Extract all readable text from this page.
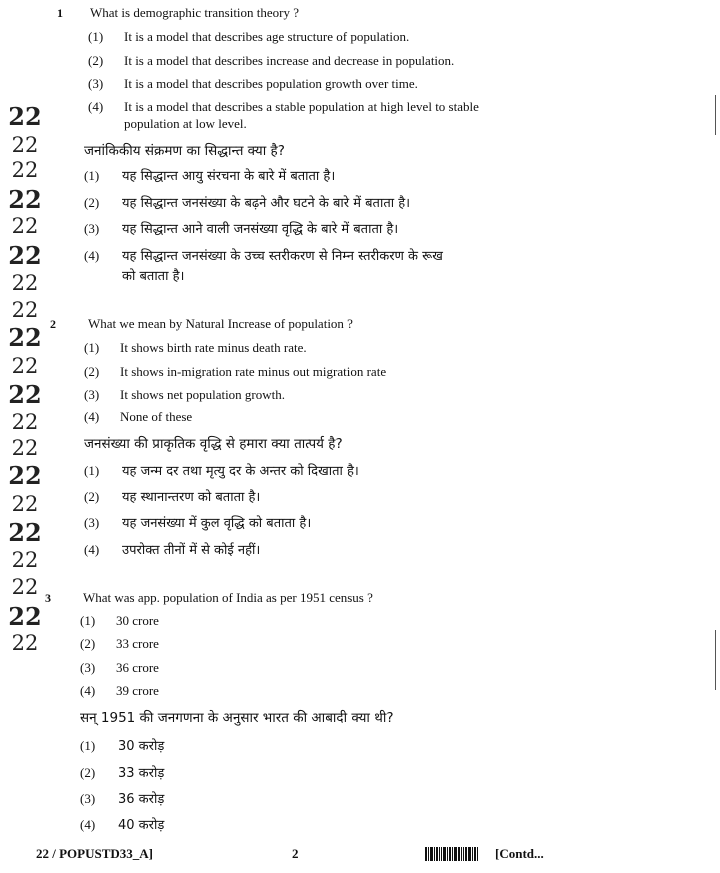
22
22
22
22
22
22
22
22
22
22
22
22
22
22
22
22
22
22
22
22
1 What is demographic transition theory ?
(1) It is a model that describes age structure of population.
(2) It is a model that describes increase and decrease in population.
(3) It is a model that describes population growth over time.
(4) It is a model that describes a stable population at high level to stable
population at low level.
जनांकिकीय संक्रमण का सिद्धान्त क्या है?
(1) यह सिद्धान्त आयु संरचना के बारे में बताता है।
(2) यह सिद्धान्त जनसंख्या के बढ़ने और घटने के बारे में बताता है।
(3) यह सिद्धान्त आने वाली जनसंख्या वृद्धि के बारे में बताता है।
(4) यह सिद्धान्त जनसंख्या के उच्च स्तरीकरण से निम्न स्तरीकरण के रूख
को बताता है।
2 What we mean by Natural Increase of population ?
(1) It shows birth rate minus death rate.
(2) It shows in-migration rate minus out migration rate
(3) It shows net population growth.
(4) None of these
जनसंख्या की प्राकृतिक वृद्धि से हमारा क्या तात्पर्य है?
(1) यह जन्म दर तथा मृत्यु दर के अन्तर को दिखाता है।
(2) यह स्थानान्तरण को बताता है।
(3) यह जनसंख्या में कुल वृद्धि को बताता है।
(4) उपरोक्त तीनों में से कोई नहीं।
3 What was app. population of India as per 1951 census ?
(1) 30 crore
(2) 33 crore
(3) 36 crore
(4) 39 crore
सन् 1951 की जनगणना के अनुसार भारत की आबादी क्या थी?
(1) 30 करोड़
(2) 33 करोड़
(3) 36 करोड़
(4) 40 करोड़
22 / POPUSTD33_A]	2	[Contd...
